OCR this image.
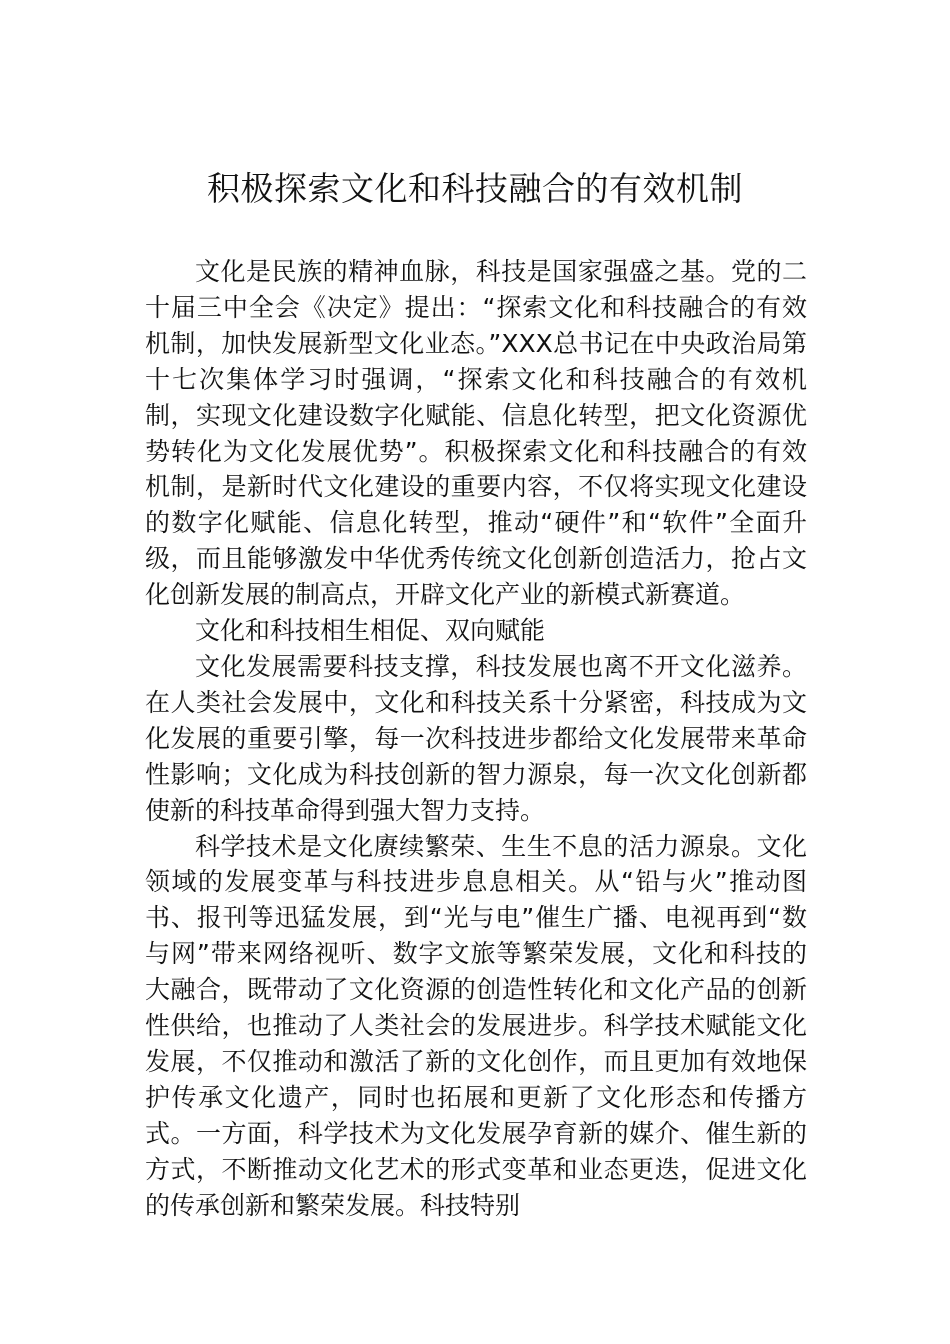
积极探索文化和科技融合的有效机制

文化是民族的精神血脉，科技是国家强盛之基。党的二十届三中全会《决定》提出：“探索文化和科技融合的有效机制，加快发展新型文化业态。”XXX总书记在中央政治局第十七次集体学习时强调，“探索文化和科技融合的有效机制，实现文化建设数字化赋能、信息化转型，把文化资源优势转化为文化发展优势”。积极探索文化和科技融合的有效机制，是新时代文化建设的重要内容，不仅将实现文化建设的数字化赋能、信息化转型，推动“硬件”和“软件”全面升级，而且能够激发中华优秀传统文化创新创造活力，抢占文化创新发展的制高点，开辟文化产业的新模式新赛道。

文化和科技相生相促、双向赋能

文化发展需要科技支撑，科技发展也离不开文化滋养。在人类社会发展中，文化和科技关系十分紧密，科技成为文化发展的重要引擎，每一次科技进步都给文化发展带来革命性影响；文化成为科技创新的智力源泉，每一次文化创新都使新的科技革命得到强大智力支持。

科学技术是文化赓续繁荣、生生不息的活力源泉。文化领域的发展变革与科技进步息息相关。从“铅与火”推动图书、报刊等迅猛发展，到“光与电”催生广播、电视再到“数与网”带来网络视听、数字文旅等繁荣发展，文化和科技的大融合，既带动了文化资源的创造性转化和文化产品的创新性供给，也推动了人类社会的发展进步。科学技术赋能文化发展，不仅推动和激活了新的文化创作，而且更加有效地保护传承文化遗产，同时也拓展和更新了文化形态和传播方式。一方面，科学技术为文化发展孕育新的媒介、催生新的方式，不断推动文化艺术的形式变革和业态更迭，促进文化的传承创新和繁荣发展。科技特别
